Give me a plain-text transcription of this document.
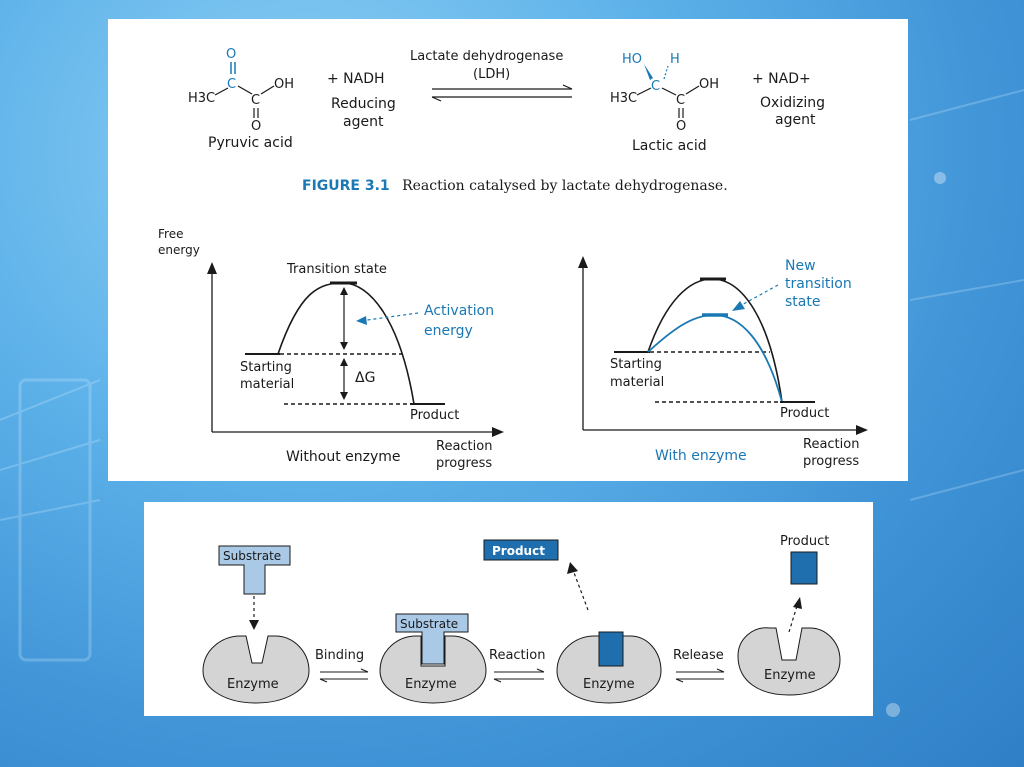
O
C
H3C	C
OH
O
Pyruvic acid
+ NADH
Reducing
agent
Lactate dehydrogenase
(LDH)
HO H
C
H3C	C
OH
O
Lactic acid
+ NAD+
Oxidizing
agent
FIGURE 3.1 Reaction catalysed by lactate dehydrogenase.
Free
energy
Transition state
Activation
energy
Starting
material	ΔG
Product
Reaction
progress
Without enzyme
New
transition
state
Starting
material
Product
Reaction
progress
With enzyme
Substrate
Enzyme
Binding
Substrate
Enzyme
Reaction
Product
Enzyme
Release
Product
Enzyme
